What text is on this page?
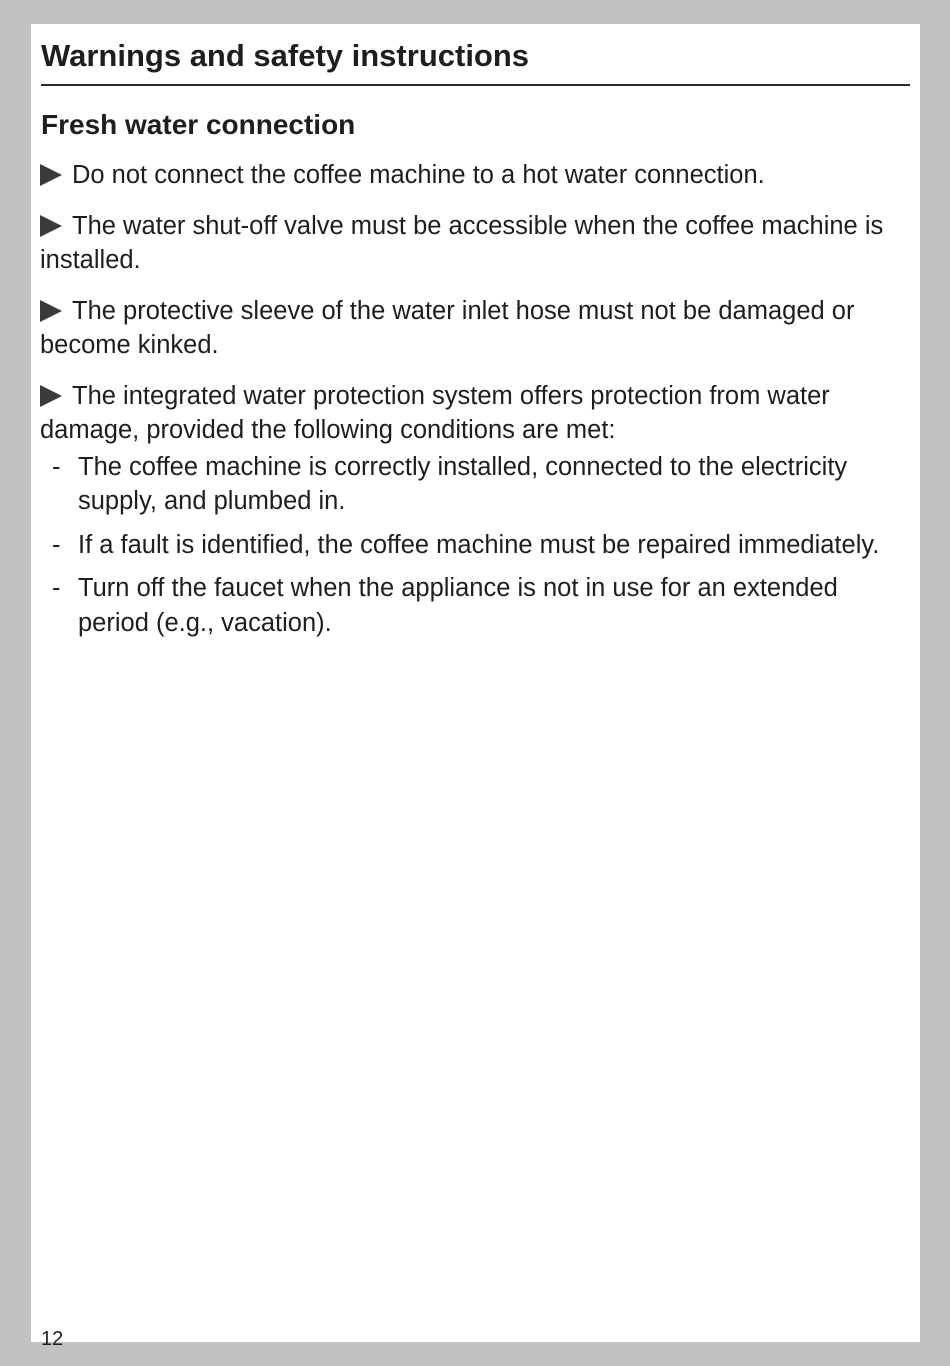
Warnings and safety instructions
Fresh water connection

Do not connect the coffee machine to a hot water connection.

The water shut-off valve must be accessible when the coffee machine is installed.

The protective sleeve of the water inlet hose must not be damaged or become kinked.

The integrated water protection system offers protection from water damage, provided the following conditions are met:

- The coffee machine is correctly installed, connected to the electricity supply, and plumbed in.
- If a fault is identified, the coffee machine must be repaired immediately.
- Turn off the faucet when the appliance is not in use for an extended period (e.g., vacation).
12
